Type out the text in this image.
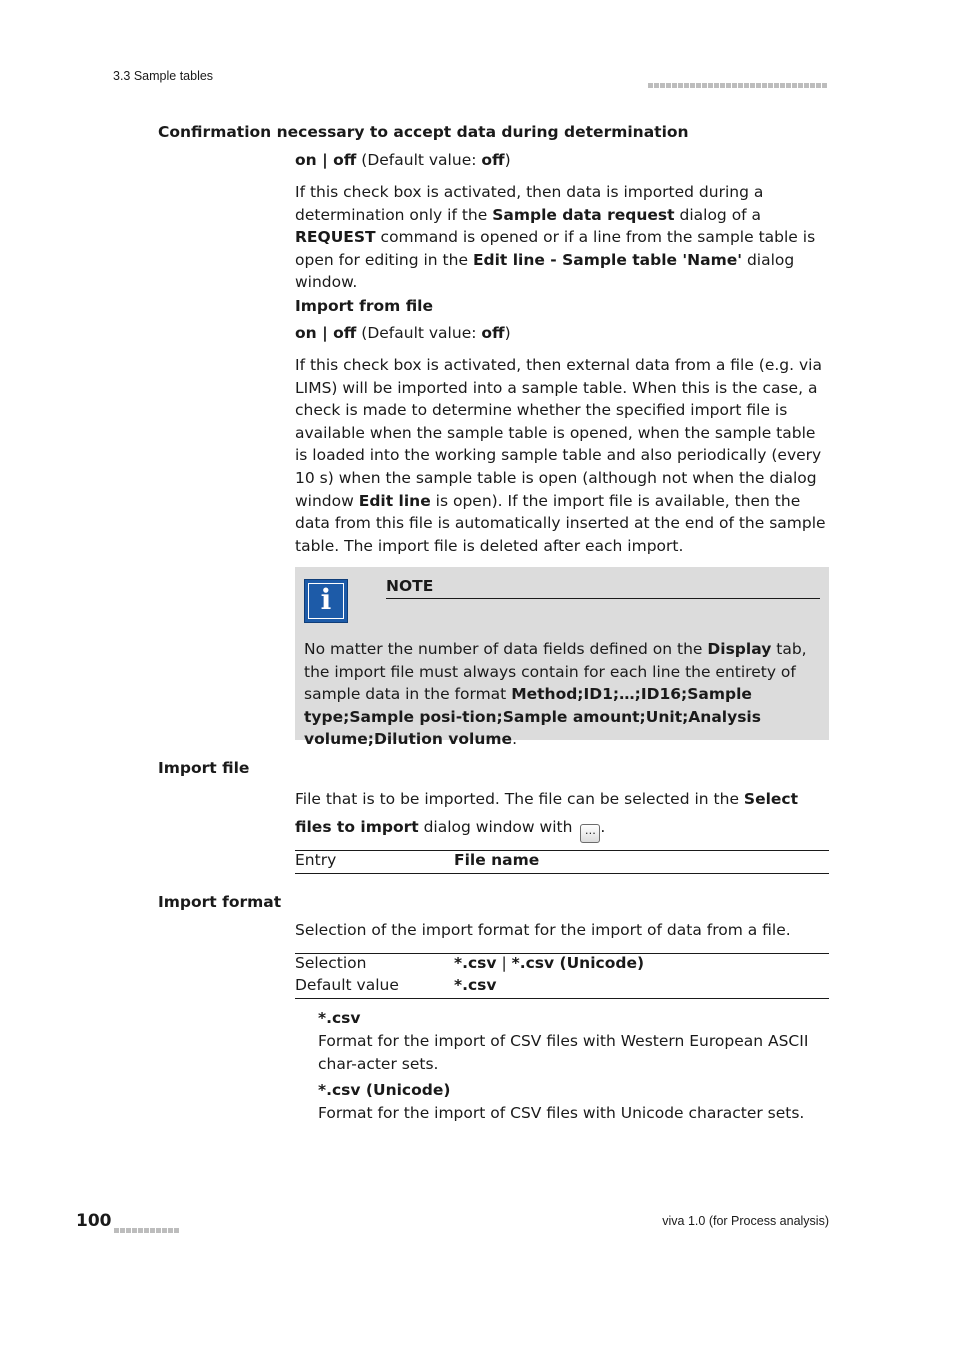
3.3 Sample tables
Confirmation necessary to accept data during determination
on | off (Default value: off)
If this check box is activated, then data is imported during a determination only if the Sample data request dialog of a REQUEST command is opened or if a line from the sample table is open for editing in the Edit line - Sample table 'Name' dialog window.
Import from file
on | off (Default value: off)
If this check box is activated, then external data from a file (e.g. via LIMS) will be imported into a sample table. When this is the case, a check is made to determine whether the specified import file is available when the sample table is opened, when the sample table is loaded into the working sample table and also periodically (every 10 s) when the sample table is open (although not when the dialog window Edit line is open). If the import file is available, then the data from this file is automatically inserted at the end of the sample table. The import file is deleted after each import.
i	NOTE
No matter the number of data fields defined on the Display tab, the import file must always contain for each line the entirety of sample data in the format Method;ID1;…;ID16;Sample type;Sample posi-tion;Sample amount;Unit;Analysis volume;Dilution volume.
Import file
File that is to be imported. The file can be selected in the Select files to import dialog window with … .
Entry	File name
Import format
Selection of the import format for the import of data from a file.
Selection	*.csv | *.csv (Unicode)
Default value	*.csv
*.csv
Format for the import of CSV files with Western European ASCII char-acter sets.
*.csv (Unicode)
Format for the import of CSV files with Unicode character sets.
100	viva 1.0 (for Process analysis)
